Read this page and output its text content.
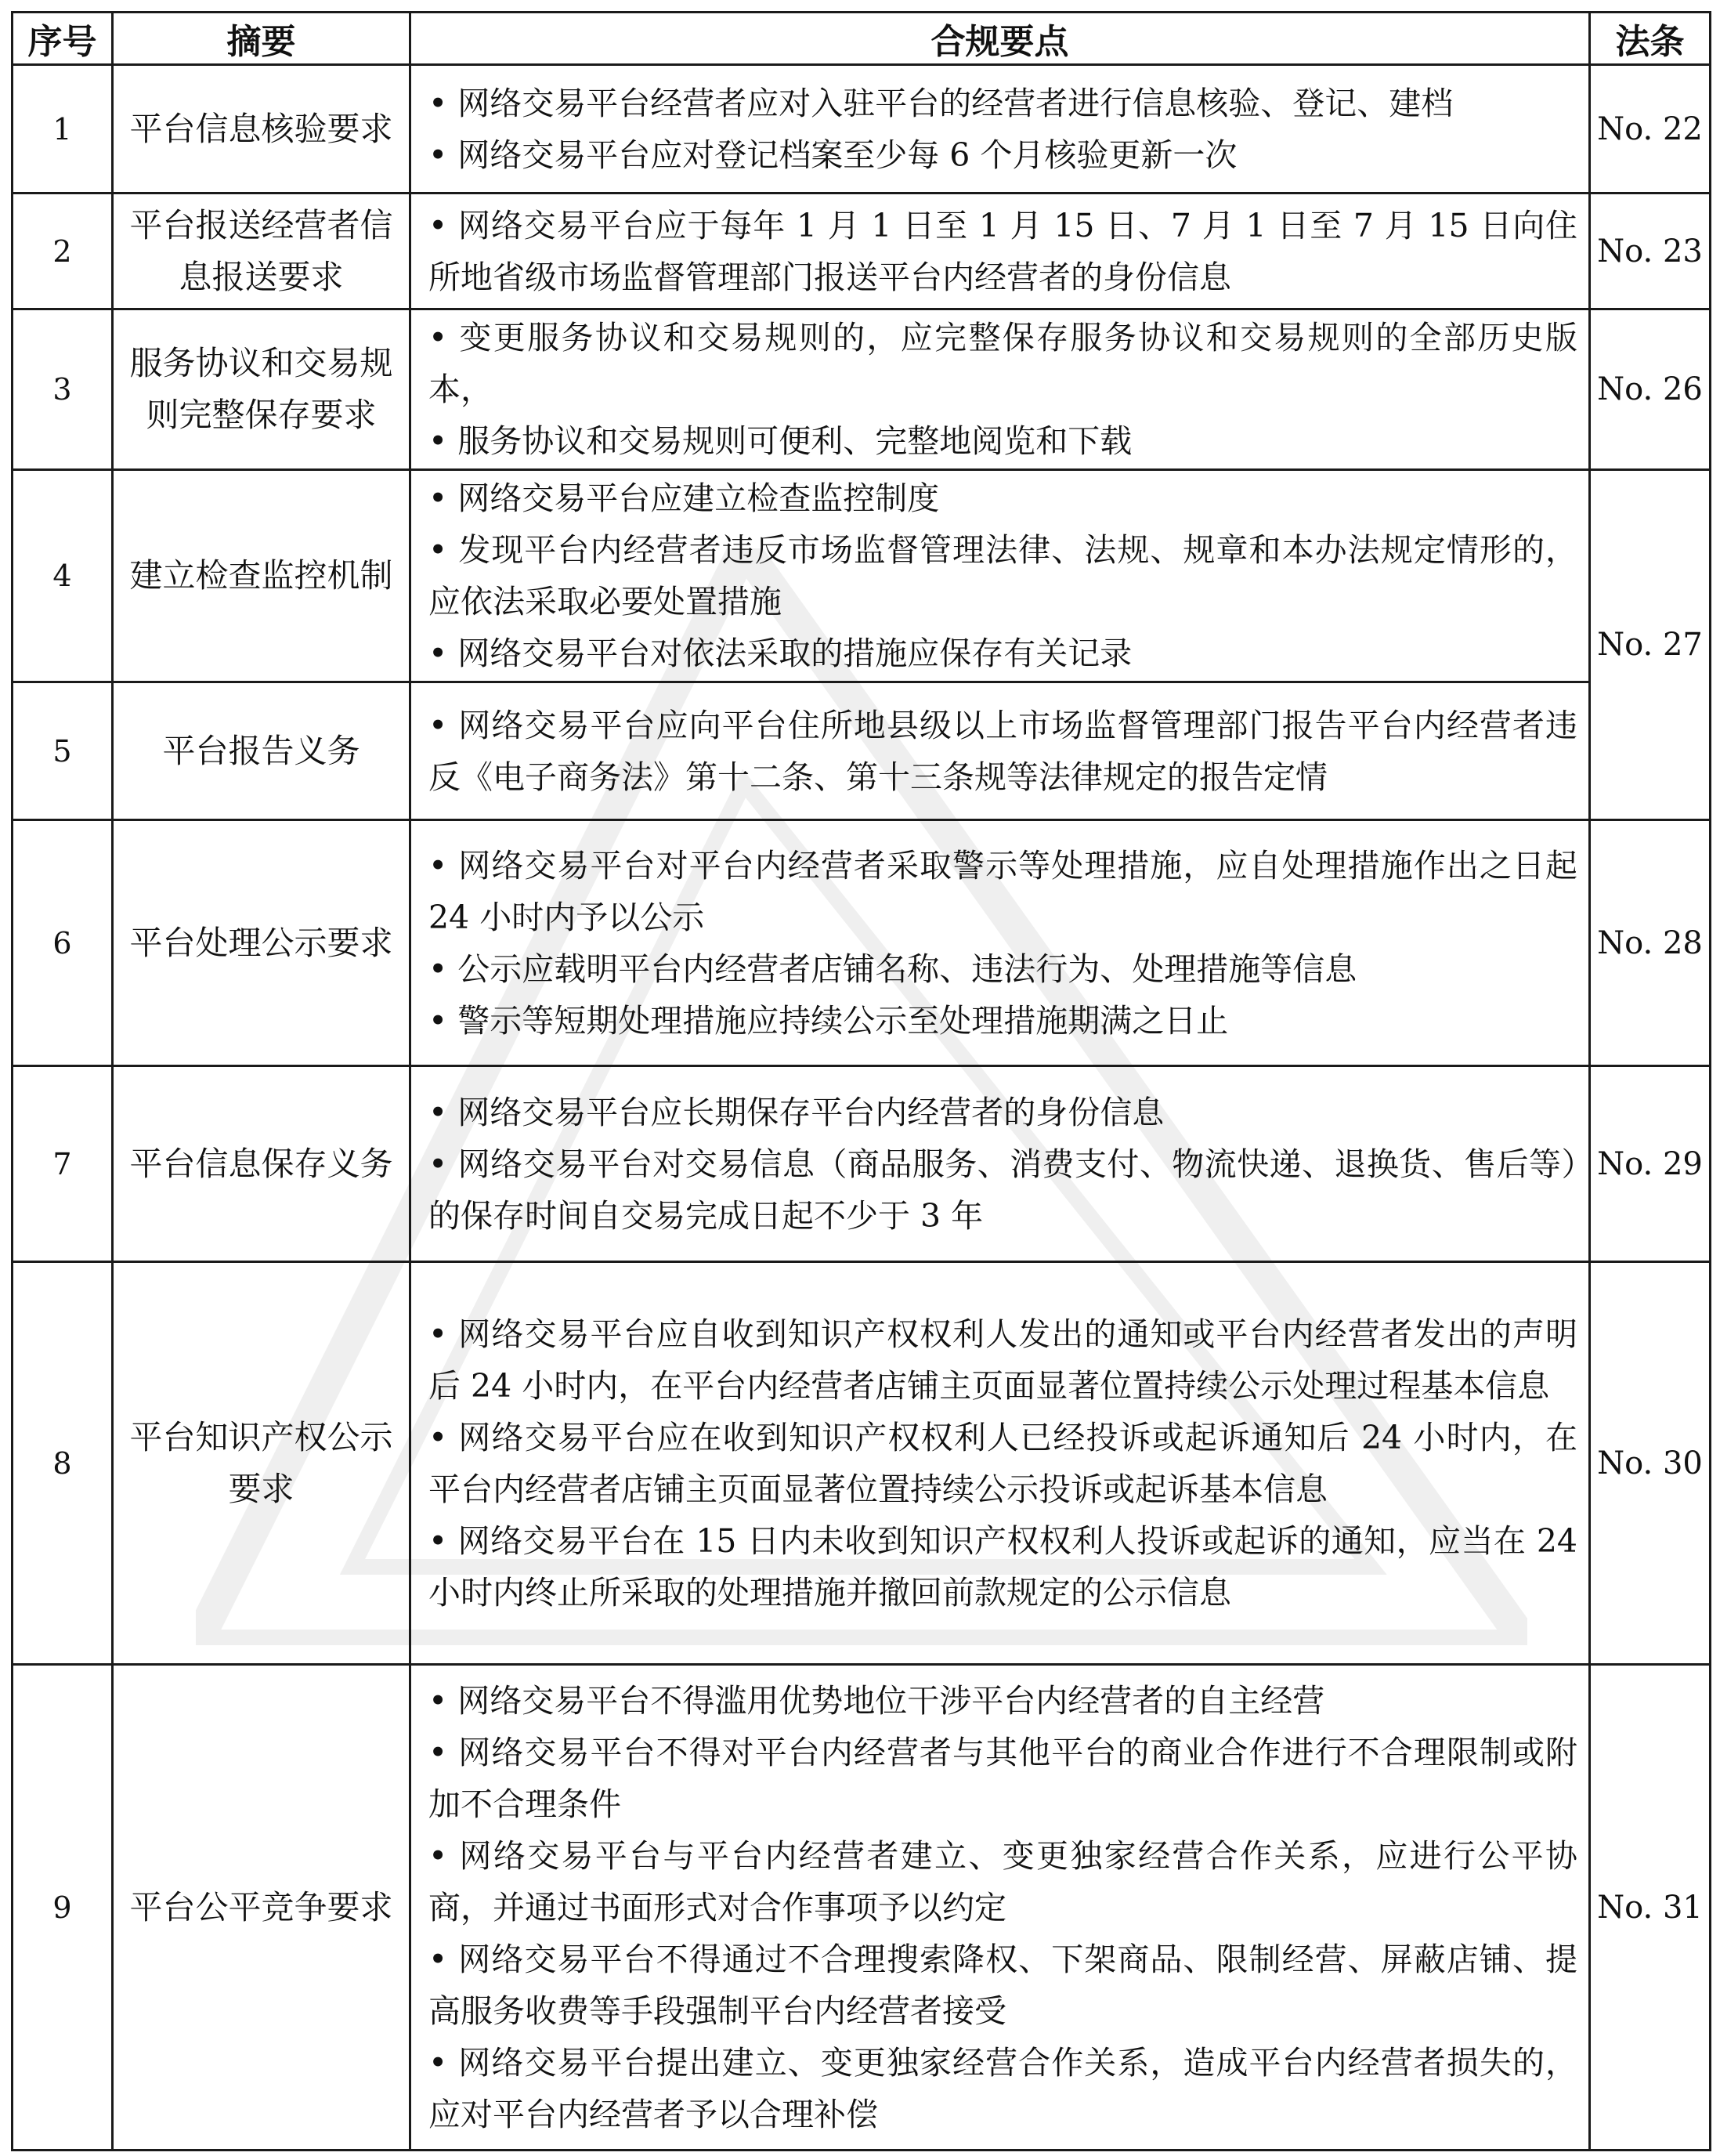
序号	摘要	合规要点	法条
1	平台信息核验要求	• 网络交易平台经营者应对入驻平台的经营者进行信息核验、登记、建档
• 网络交易平台应对登记档案至少每 6 个月核验更新一次	No. 22
2	平台报送经营者信息报送要求	• 网络交易平台应于每年 1 月 1 日至 1 月 15 日、7 月 1 日至 7 月 15 日向住所地省级市场监督管理部门报送平台内经营者的身份信息	No. 23
3	服务协议和交易规则完整保存要求	• 变更服务协议和交易规则的，应完整保存服务协议和交易规则的全部历史版本，
• 服务协议和交易规则可便利、完整地阅览和下载	No. 26
4	建立检查监控机制	• 网络交易平台应建立检查监控制度
• 发现平台内经营者违反市场监督管理法律、法规、规章和本办法规定情形的，应依法采取必要处置措施
• 网络交易平台对依法采取的措施应保存有关记录	No. 27
5	平台报告义务	• 网络交易平台应向平台住所地县级以上市场监督管理部门报告平台内经营者违反《电子商务法》第十二条、第十三条规等法律规定的报告定情	

6	平台处理公示要求	• 网络交易平台对平台内经营者采取警示等处理措施，应自处理措施作出之日起 24 小时内予以公示
• 公示应载明平台内经营者店铺名称、违法行为、处理措施等信息
• 警示等短期处理措施应持续公示至处理措施期满之日止	No. 28
7	平台信息保存义务	• 网络交易平台应长期保存平台内经营者的身份信息
• 网络交易平台对交易信息（商品服务、消费支付、物流快递、退换货、售后等）的保存时间自交易完成日起不少于 3 年	No. 29
8	平台知识产权公示要求	• 网络交易平台应自收到知识产权权利人发出的通知或平台内经营者发出的声明后 24 小时内，在平台内经营者店铺主页面显著位置持续公示处理过程基本信息
• 网络交易平台应在收到知识产权权利人已经投诉或起诉通知后 24 小时内，在平台内经营者店铺主页面显著位置持续公示投诉或起诉基本信息
• 网络交易平台在 15 日内未收到知识产权权利人投诉或起诉的通知，应当在 24 小时内终止所采取的处理措施并撤回前款规定的公示信息	No. 30
9	平台公平竞争要求	• 网络交易平台不得滥用优势地位干涉平台内经营者的自主经营
• 网络交易平台不得对平台内经营者与其他平台的商业合作进行不合理限制或附加不合理条件
• 网络交易平台与平台内经营者建立、变更独家经营合作关系，应进行公平协商，并通过书面形式对合作事项予以约定
• 网络交易平台不得通过不合理搜索降权、下架商品、限制经营、屏蔽店铺、提高服务收费等手段强制平台内经营者接受
• 网络交易平台提出建立、变更独家经营合作关系，造成平台内经营者损失的，应对平台内经营者予以合理补偿	No. 31
